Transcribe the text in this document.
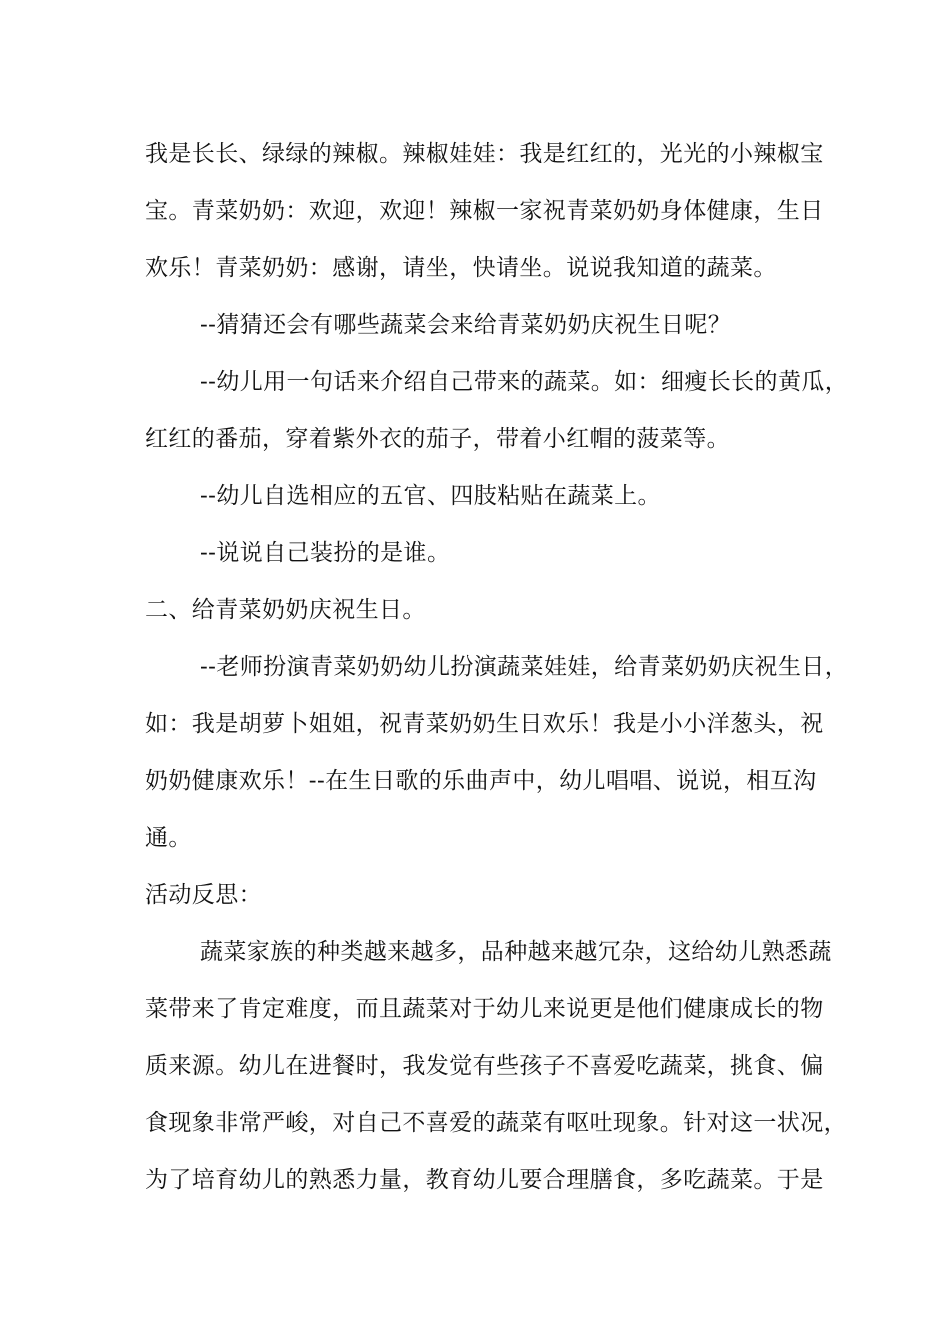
我是长长、绿绿的辣椒。辣椒娃娃：我是红红的，光光的小辣椒宝
宝。青菜奶奶：欢迎，欢迎！辣椒一家祝青菜奶奶身体健康，生日
欢乐！青菜奶奶：感谢，请坐，快请坐。说说我知道的蔬菜。
--猜猜还会有哪些蔬菜会来给青菜奶奶庆祝生日呢？
--幼儿用一句话来介绍自己带来的蔬菜。如：细瘦长长的黄瓜，
红红的番茄，穿着紫外衣的茄子，带着小红帽的菠菜等。
--幼儿自选相应的五官、四肢粘贴在蔬菜上。
--说说自己装扮的是谁。
二、给青菜奶奶庆祝生日。
--老师扮演青菜奶奶幼儿扮演蔬菜娃娃，给青菜奶奶庆祝生日，
如：我是胡萝卜姐姐，祝青菜奶奶生日欢乐！我是小小洋葱头，祝
奶奶健康欢乐！--在生日歌的乐曲声中，幼儿唱唱、说说，相互沟
通。
活动反思：
蔬菜家族的种类越来越多，品种越来越冗杂，这给幼儿熟悉蔬
菜带来了肯定难度，而且蔬菜对于幼儿来说更是他们健康成长的物
质来源。幼儿在进餐时，我发觉有些孩子不喜爱吃蔬菜，挑食、偏
食现象非常严峻，对自己不喜爱的蔬菜有呕吐现象。针对这一状况，
为了培育幼儿的熟悉力量，教育幼儿要合理膳食，多吃蔬菜。于是
